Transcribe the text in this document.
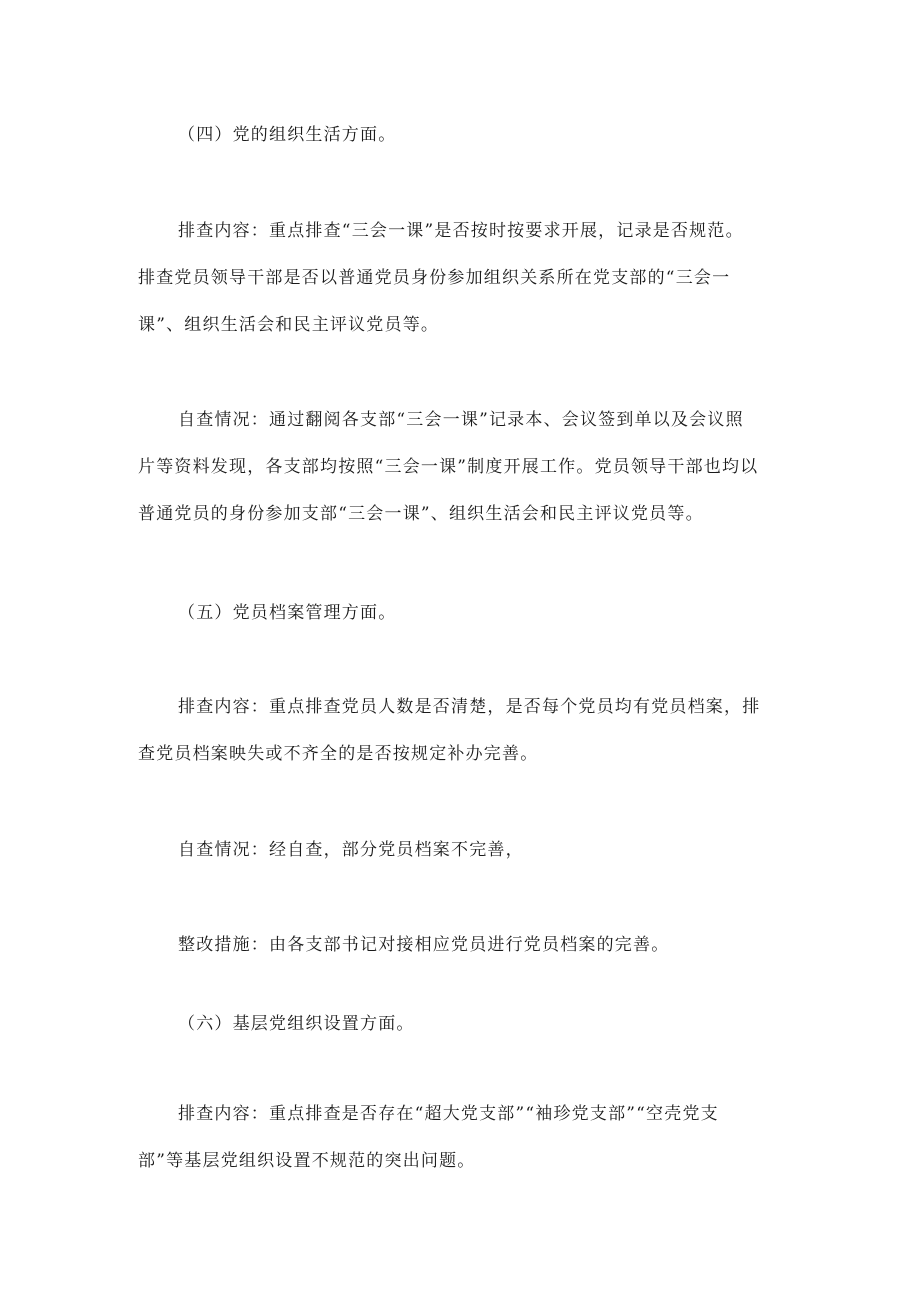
（四）党的组织生活方面。

排查内容：重点排查“三会一课”是否按时按要求开展，记录是否规范。
排查党员领导干部是否以普通党员身份参加组织关系所在党支部的“三会一
课”、组织生活会和民主评议党员等。
自查情况：通过翻阅各支部“三会一课”记录本、会议签到单以及会议照
片等资料发现，各支部均按照“三会一课”制度开展工作。党员领导干部也均以
普通党员的身份参加支部“三会一课”、组织生活会和民主评议党员等。

（五）党员档案管理方面。

排查内容：重点排查党员人数是否清楚，是否每个党员均有党员档案，排
查党员档案映失或不齐全的是否按规定补办完善。

自查情况：经自查，部分党员档案不完善，

整改措施：由各支部书记对接相应党员进行党员档案的完善。

（六）基层党组织设置方面。

排查内容：重点排查是否存在“超大党支部”“袖珍党支部”“空壳党支
部”等基层党组织设置不规范的突出问题。
